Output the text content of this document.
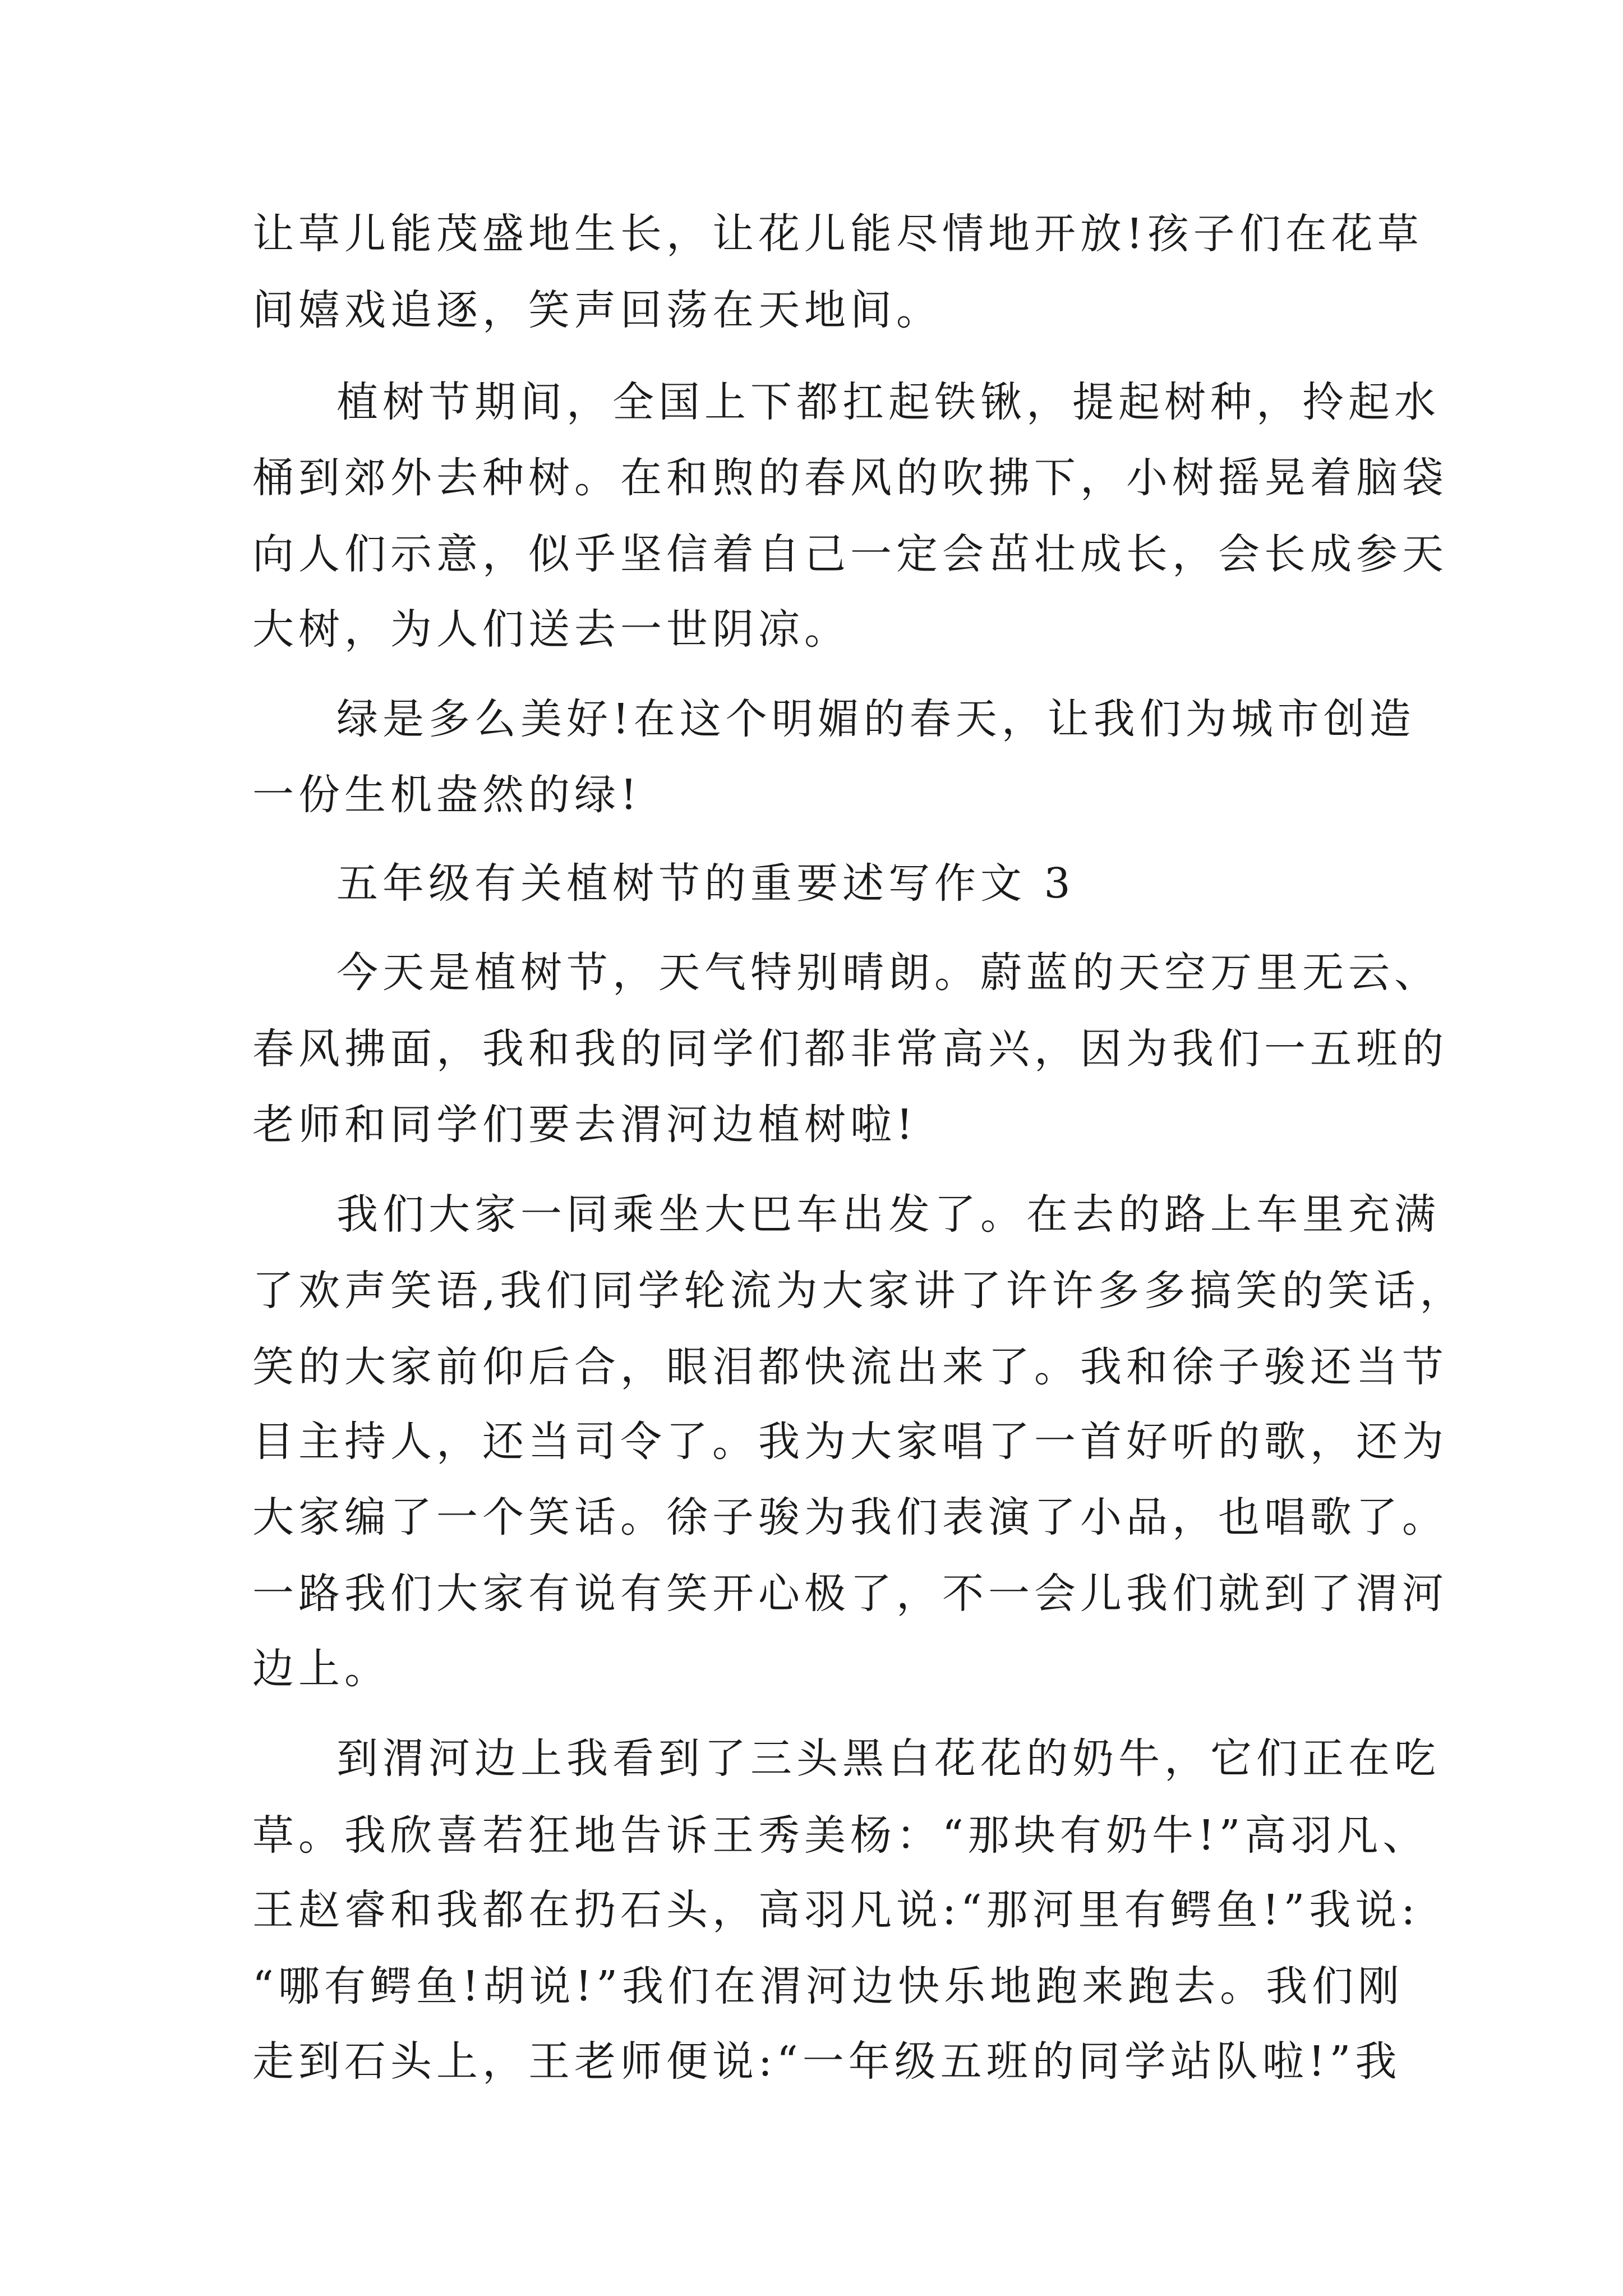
让草儿能茂盛地生长，让花儿能尽情地开放!孩子们在花草
间嬉戏追逐，笑声回荡在天地间。
植树节期间，全国上下都扛起铁锹，提起树种，拎起水
桶到郊外去种树。在和煦的春风的吹拂下，小树摇晃着脑袋
向人们示意，似乎坚信着自己一定会茁壮成长，会长成参天
大树，为人们送去一世阴凉。
绿是多么美好!在这个明媚的春天，让我们为城市创造
一份生机盎然的绿!
五年级有关植树节的重要述写作文 3
今天是植树节，天气特别晴朗。蔚蓝的天空万里无云、
春风拂面，我和我的同学们都非常高兴，因为我们一五班的
老师和同学们要去渭河边植树啦!
我们大家一同乘坐大巴车出发了。在去的路上车里充满
了欢声笑语,我们同学轮流为大家讲了许许多多搞笑的笑话，
笑的大家前仰后合，眼泪都快流出来了。我和徐子骏还当节
目主持人，还当司令了。我为大家唱了一首好听的歌，还为
大家编了一个笑话。徐子骏为我们表演了小品，也唱歌了。
一路我们大家有说有笑开心极了，不一会儿我们就到了渭河
边上。
到渭河边上我看到了三头黑白花花的奶牛，它们正在吃
草。我欣喜若狂地告诉王秀美杨：“那块有奶牛!”高羽凡、
王赵睿和我都在扔石头，高羽凡说:“那河里有鳄鱼!”我说:
“哪有鳄鱼!胡说!”我们在渭河边快乐地跑来跑去。我们刚
走到石头上，王老师便说:“一年级五班的同学站队啦!”我
